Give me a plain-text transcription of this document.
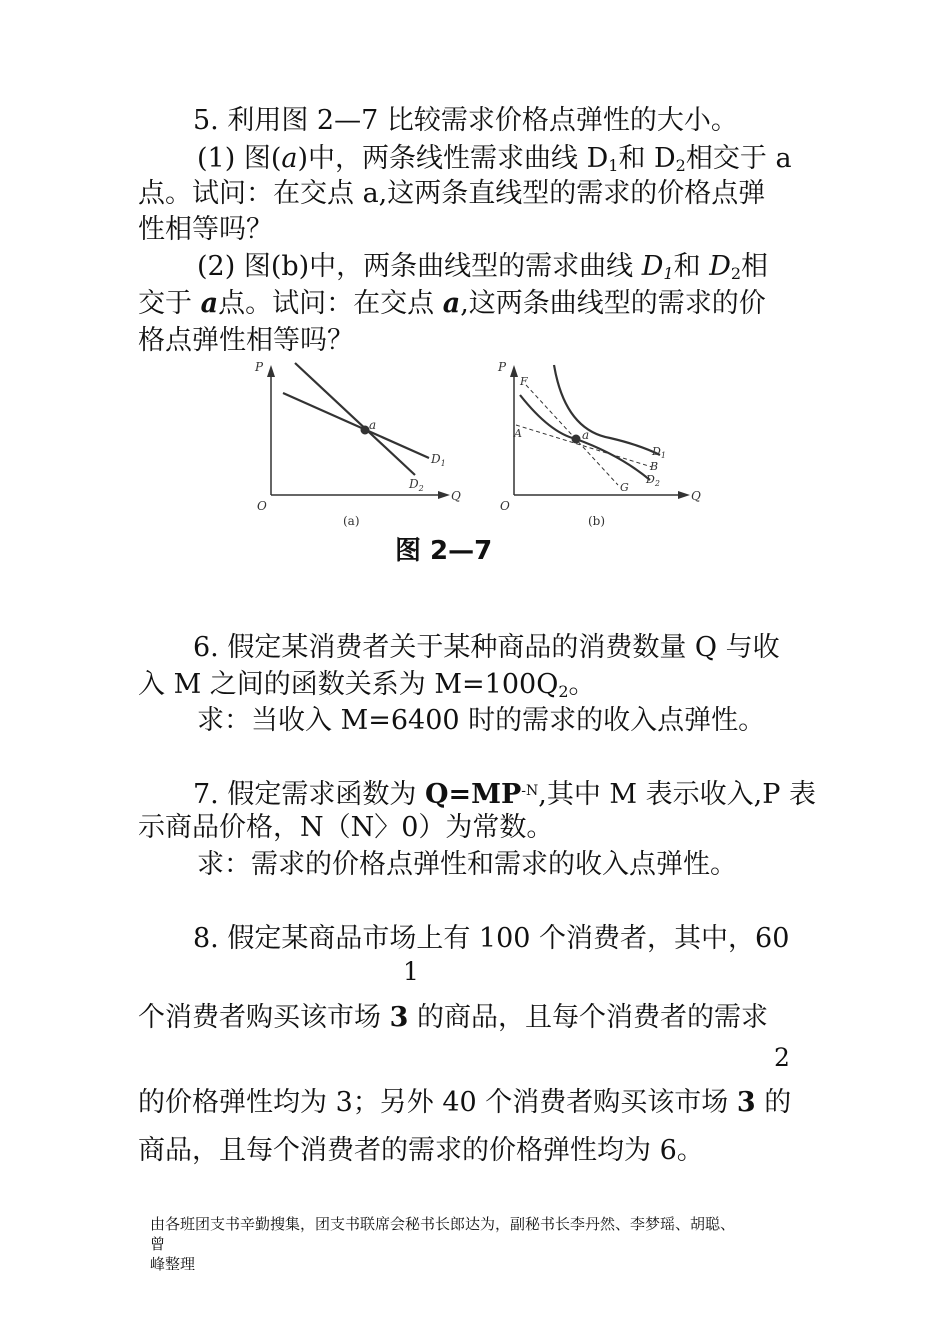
5. 利用图 2—7 比较需求价格点弹性的大小。
(1) 图(a)中，两条线性需求曲线 $D_1$和 $D_2$相交于 a
点。试问：在交点 a,这两条直线型的需求的价格点弹
性相等吗？
(2) 图(b)中，两条曲线型的需求曲线 $D_1$和 $D_2$相
交于 a点。试问：在交点 a,这两条曲线型的需求的价
格点弹性相等吗？
P
O
Q
a
$D_1$
$D_2$
(a)
P
O
Q
F
A	a
$D_1$
B
$D_2$
G
(b)
图 2—7
6. 假定某消费者关于某种商品的消费数量 Q 与收
入 M 之间的函数关系为 $M=100Q_2$。
求：当收入 M=6400 时的需求的收入点弹性。
7. 假定需求函数为 $Q=MP^{-N}$,其中 M 表示收入,P 表
示商品价格，N（N〉0）为常数。
求：需求的价格点弹性和需求的收入点弹性。
8. 假定某商品市场上有 100 个消费者，其中，60
1
个消费者购买该市场 3 的商品，且每个消费者的需求
2
的价格弹性均为 3；另外 40 个消费者购买该市场 3 的
商品，且每个消费者的需求的价格弹性均为 6。
由各班团支书辛勤搜集，团支书联席会秘书长郎达为，副秘书长李丹然、李梦瑶、胡聪、
曾
峰整理
